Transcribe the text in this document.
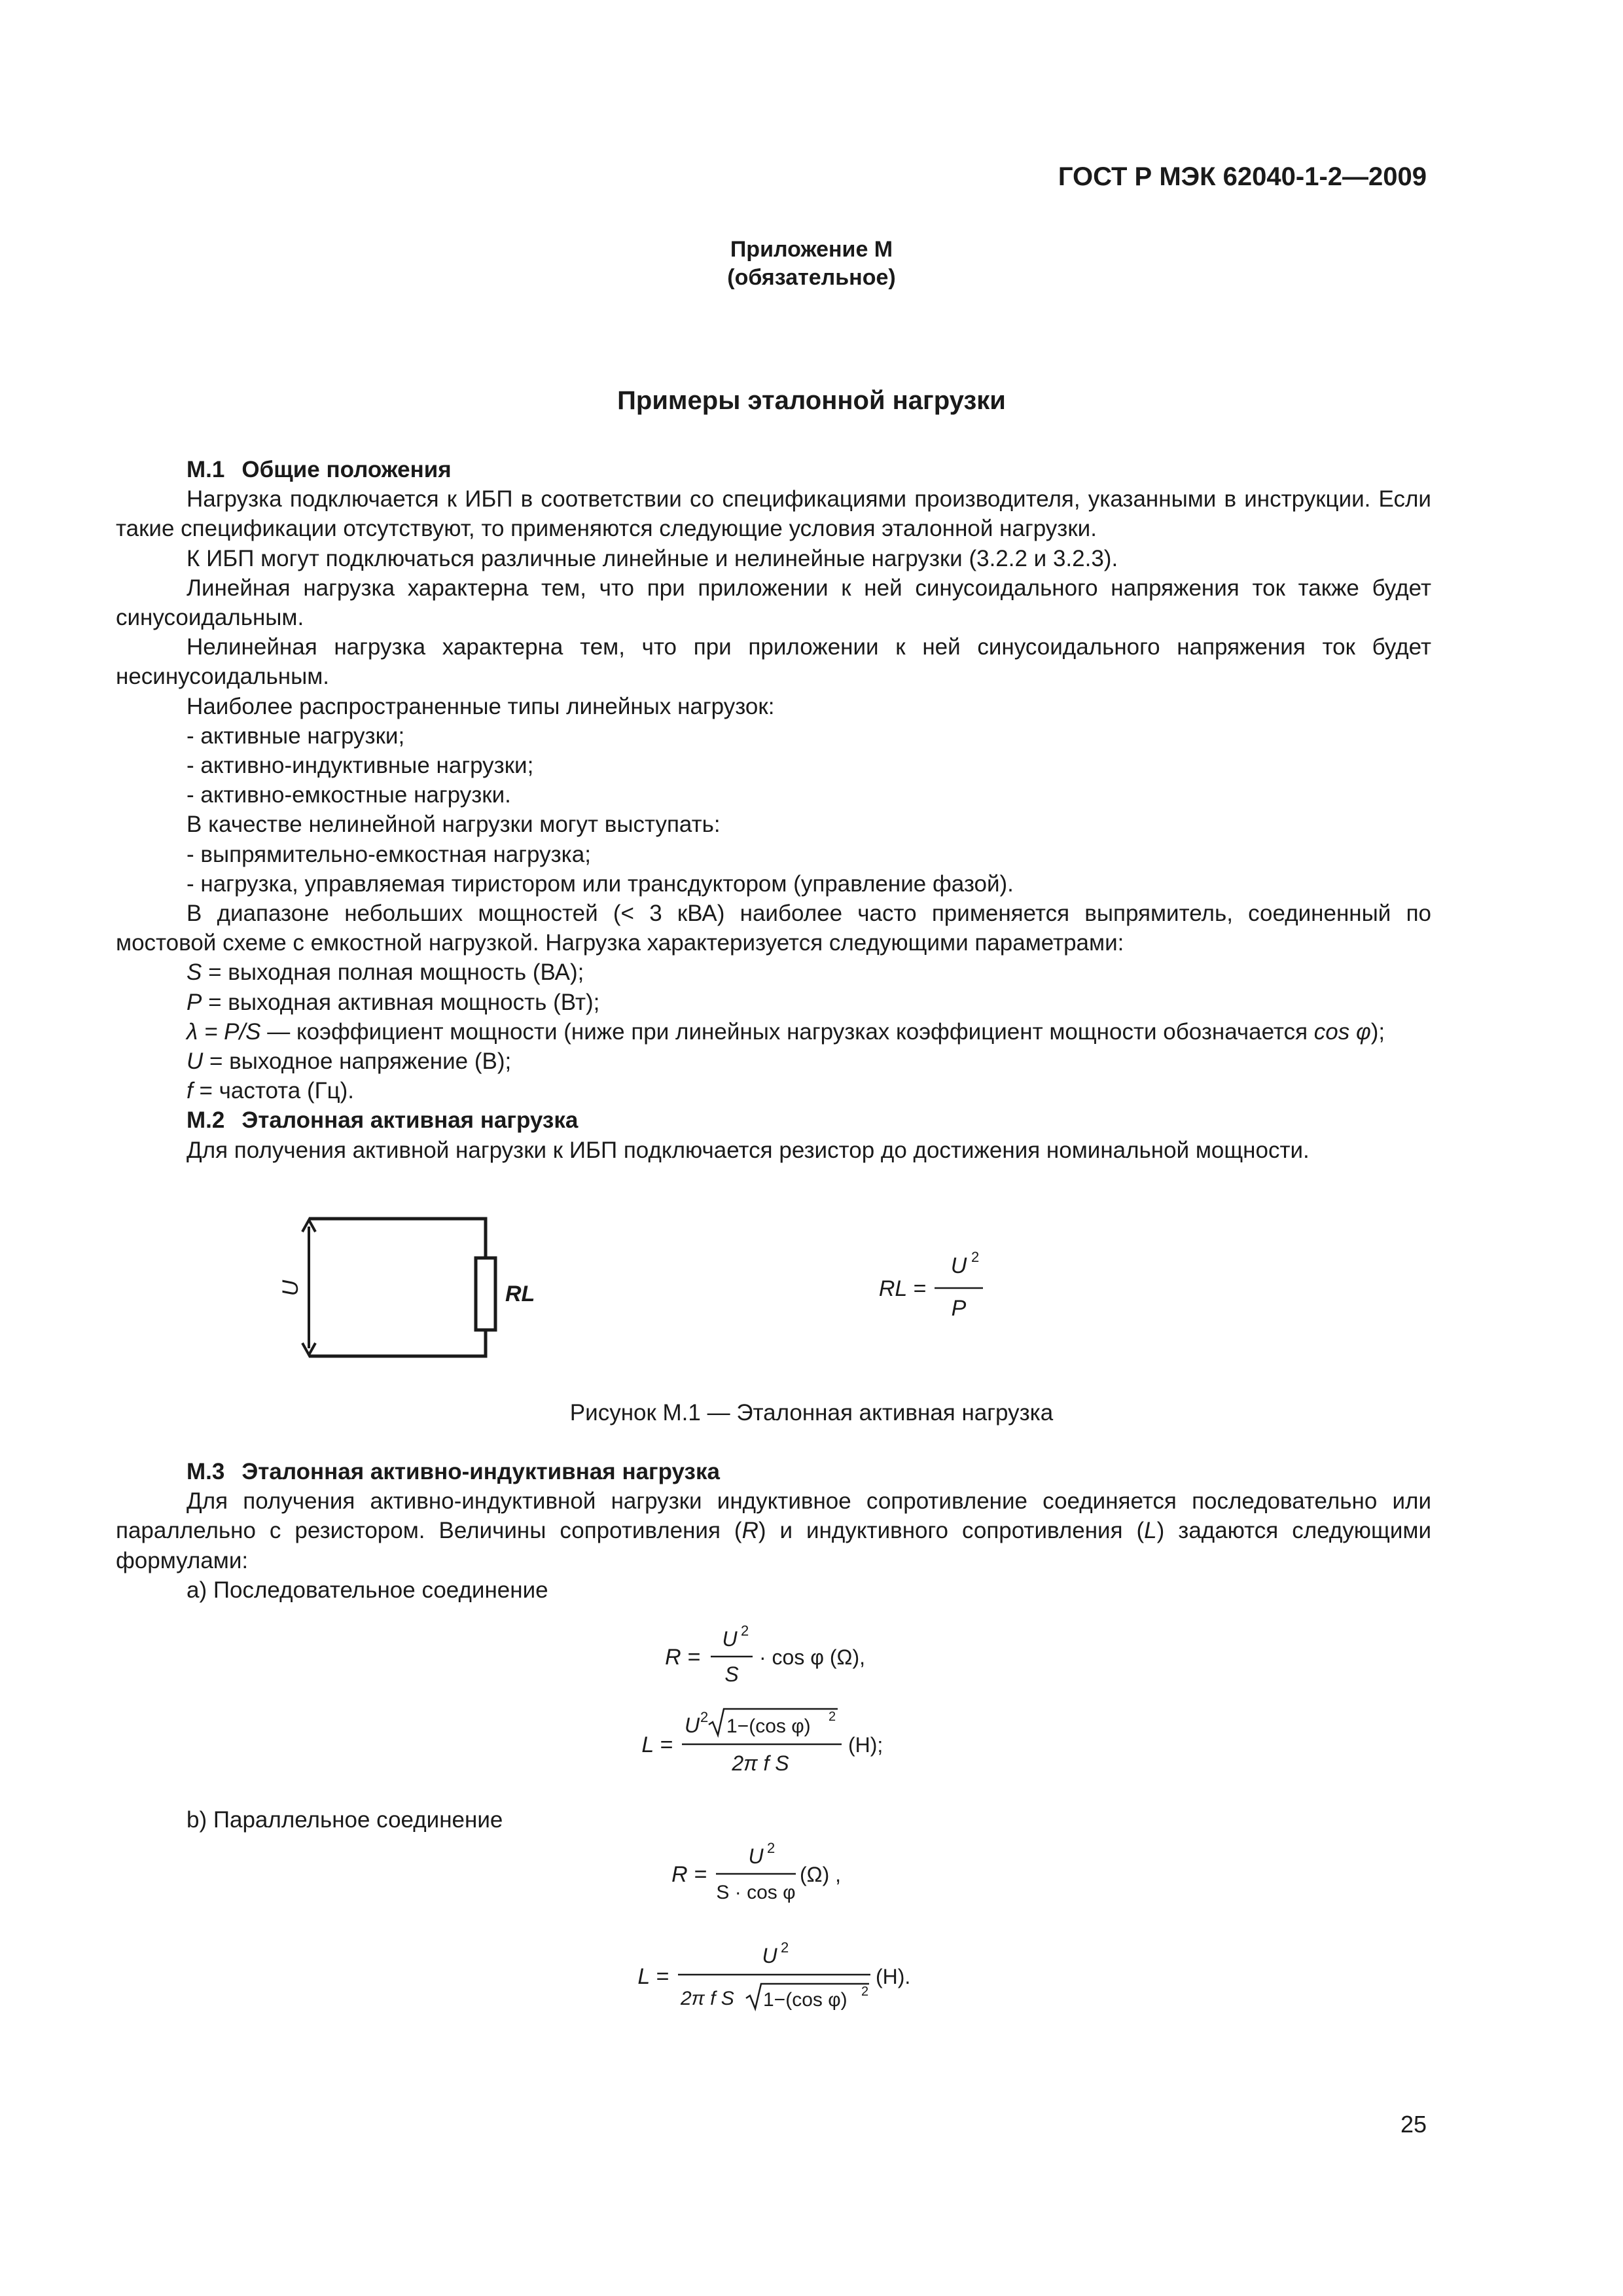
ГОСТ Р МЭК 62040-1-2—2009
Приложение М
(обязательное)
Примеры эталонной нагрузки

М.1 Общие положения

Нагрузка подключается к ИБП в соответствии со спецификациями производителя, указанными в инструкции. Если такие спецификации отсутствуют, то применяются следующие условия эталонной нагрузки.

К ИБП могут подключаться различные линейные и нелинейные нагрузки (3.2.2 и 3.2.3).

Линейная нагрузка характерна тем, что при приложении к ней синусоидального напряжения ток также будет синусоидальным.

Нелинейная нагрузка характерна тем, что при приложении к ней синусоидального напряжения ток будет несинусоидальным.

Наиболее распространенные типы линейных нагрузок:

- активные нагрузки;

- активно-индуктивные нагрузки;

- активно-емкостные нагрузки.

В качестве нелинейной нагрузки могут выступать:

- выпрямительно-емкостная нагрузка;

- нагрузка, управляемая тиристором или трансдуктором (управление фазой).

В диапазоне небольших мощностей (< 3 кВА) наиболее часто применяется выпрямитель, соединенный по мостовой схеме с емкостной нагрузкой. Нагрузка характеризуется следующими параметрами:

S = выходная полная мощность (ВА);

P = выходная активная мощность (Вт);

λ = P/S — коэффициент мощности (ниже при линейных нагрузках коэффициент мощности обозначается cos φ);

U = выходное напряжение (В);

f = частота (Гц).

М.2 Эталонная активная нагрузка

Для получения активной нагрузки к ИБП подключается резистор до достижения номинальной мощности.

U	RL	RL =
U 2
P
Рисунок М.1 — Эталонная активная нагрузка

М.3 Эталонная активно-индуктивная нагрузка

Для получения активно-индуктивной нагрузки индуктивное сопротивление соединяется последовательно или параллельно с резистором. Величины сопротивления (R) и индуктивного сопротивления (L) задаются следующими формулами:

а) Последовательное соединение

R =
U 2
S
· cos φ (Ω),
L =
U 2 1−(cos φ) 2
2π f S
(H);
b) Параллельное соединение
R =
U 2
S · cos φ
(Ω) ,
L =
U 2
2π f S 1−(cos φ) 2
(H).
25
